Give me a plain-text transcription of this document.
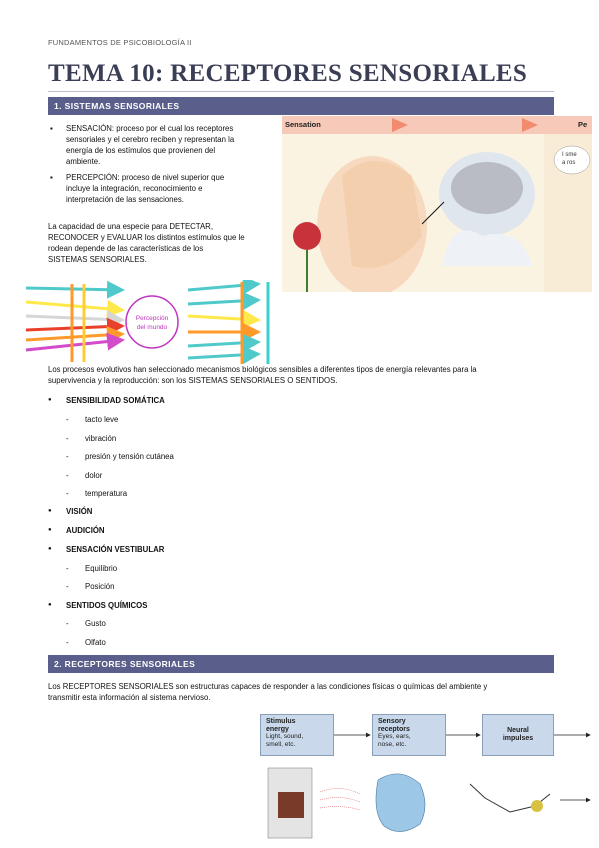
FUNDAMENTOS DE PSICOBIOLOGÍA II
TEMA 10: RECEPTORES SENSORIALES
1. SISTEMAS SENSORIALES
▪ SENSACIÓN: proceso por el cual los receptores
sensoriales y el cerebro reciben y representan la
energía de los estímulos que provienen del
ambiente.
▪ PERCEPCIÓN: proceso de nivel superior que
incluye la integración, reconocimiento e
interpretación de las sensaciones.
La capacidad de una especie para DETECTAR,
RECONOCER y EVALUAR los distintos estímulos que le
rodean depende de las características de los
SISTEMAS SENSORIALES.
Percepción
del mundo
Sensation	Pe
I sme
a ros
Los procesos evolutivos han seleccionado mecanismos biológicos sensibles a diferentes tipos de energía relevantes para la
supervivencia y la reproducción: son los SISTEMAS SENSORIALES O SENTIDOS.
● SENSIBILIDAD SOMÁTICA
- tacto leve
- vibración
- presión y tensión cutánea
- dolor
- temperatura
● VISIÓN
● AUDICIÓN
● SENSACIÓN VESTIBULAR
- Equilibrio
- Posición
● SENTIDOS QUÍMICOS
- Gusto
- Olfato
2. RECEPTORES SENSORIALES
Los RECEPTORES SENSORIALES son estructuras capaces de responder a las condiciones físicas o químicas del ambiente y
transmitir esta información al sistema nervioso.
Stimulus
energy
Light, sound,
smell, etc.
Sensory
receptors
Eyes, ears,
nose, etc.
Neural
impulses
